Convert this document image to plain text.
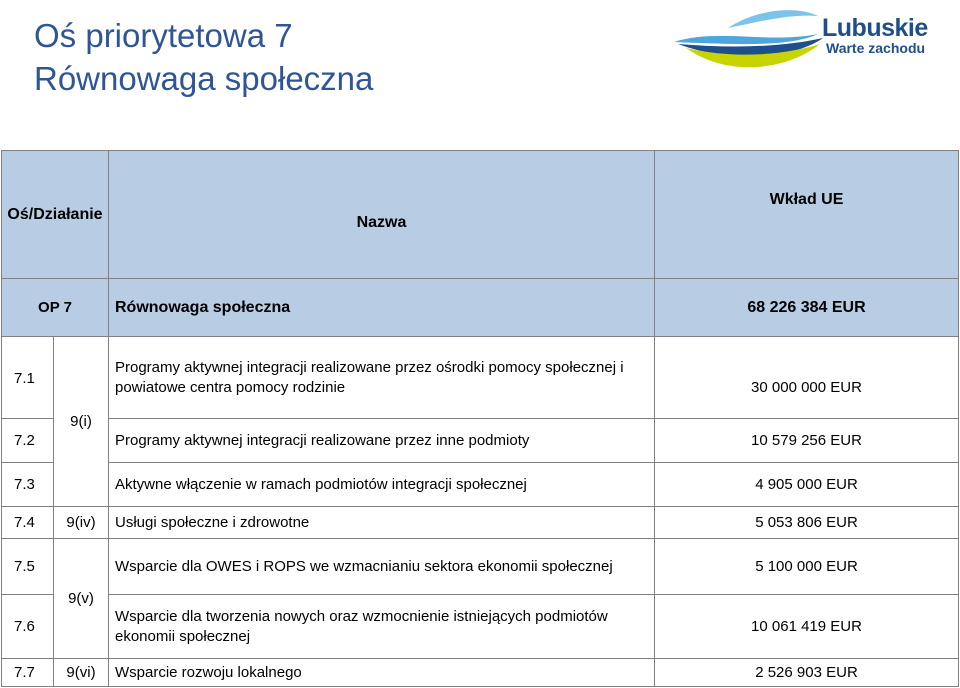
Oś priorytetowa 7
Równowaga społeczna
Lubuskie
Warte zachodu
Oś/Działanie		Nazwa	Wkład UE
OP 7		Równowaga społeczna	68 226 384 EUR
7.1	9(i)	Programy aktywnej integracji realizowane przez ośrodki pomocy społecznej i powiatowe centra pomocy rodzinie	30 000 000 EUR
7.2		Programy aktywnej integracji realizowane przez inne podmioty	10 579 256 EUR
7.3		Aktywne włączenie w ramach podmiotów integracji społecznej	4 905 000 EUR
7.4	9(iv)	Usługi społeczne i zdrowotne	5 053 806 EUR
7.5	9(v)	Wsparcie dla OWES i ROPS we wzmacnianiu sektora ekonomii społecznej	5 100 000 EUR
7.6		Wsparcie dla tworzenia nowych oraz wzmocnienie istniejących podmiotów ekonomii społecznej	10 061 419 EUR
7.7	9(vi)	Wsparcie rozwoju lokalnego	2 526 903 EUR
